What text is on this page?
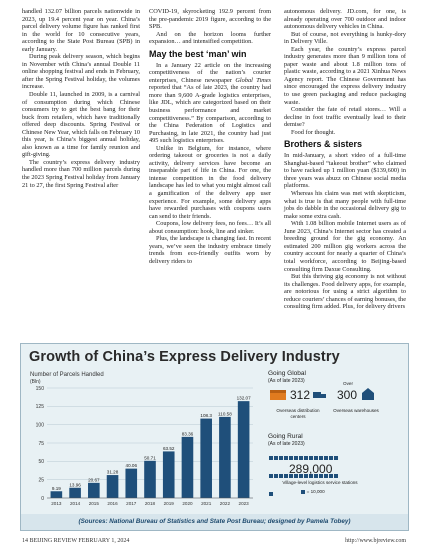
handled 132.07 billion parcels nationwide in 2023, up 19.4 percent year on year. China’s parcel delivery volume figure has ranked first in the world for 10 consecutive years, according to the State Post Bureau (SPB) in early January.

During peak delivery season, which begins in November with China’s annual Double 11 online shopping festival and ends in February, after the Spring Festival holiday, the volumes increase.

Double 11, launched in 2009, is a carnival of consumption during which Chinese consumers try to get the best bang for their buck from retailers, which have traditionally offered deep discounts. Spring Festival or Chinese New Year, which falls on February 10 this year, is China’s biggest annual holiday, also known as a time for family reunion and gift-giving.

The country’s express delivery industry handled more than 700 million parcels during the 2023 Spring Festival holiday from January 21 to 27, the first Spring Festival after

COVID-19, skyrocketing 192.9 percent from the pre-pandemic 2019 figure, according to the SPB.

And on the horizon looms further expansion… and intensified competition.

May the best ‘man’ win

In a January 22 article on the increasing competitiveness of the nation’s courier enterprises, Chinese newspaper Global Times reported that “As of late 2023, the country had more than 9,600 A-grade logistics enterprises, like JDL, which are categorized based on their business performance and market competitiveness.” By comparison, according to the China Federation of Logistics and Purchasing, in late 2021, the country had just 495 such logistics enterprises.

Unlike in Belgium, for instance, where ordering takeout or groceries is not a daily activity, delivery services have become an inseparable part of life in China. For one, the intense competition in the food delivery landscape has led to what you might almost call a gamification of the delivery app user experience. For example, some delivery apps have rewarded purchases with coupons users can send to their friends.

Coupons, low delivery fees, no fees… It’s all about consumption: hook, line and sinker.

Plus, the landscape is changing fast. In recent years, we’ve seen the industry embrace timely trends from eco-friendly outfits worn by delivery riders to

autonomous delivery. JD.com, for one, is already operating over 700 outdoor and indoor autonomous delivery vehicles in China.

But of course, not everything is hunky-dory in Delivery Ville.

Each year, the country’s express parcel industry generates more than 9 million tons of paper waste and about 1.8 million tons of plastic waste, according to a 2021 Xinhua News Agency report. The Chinese Government has since encouraged the express delivery industry to use green packaging and reduce packaging waste.

Consider the fate of retail stores… Will a decline in foot traffic eventually lead to their demise?

Food for thought.

Brothers & sisters

In mid-January, a short video of a full-time Shanghai-based “takeout brother” who claimed to have racked up 1 million yuan ($139,600) in three years was abuzz on Chinese social media platforms.

Whereas his claim was met with skepticism, what is true is that many people with full-time jobs do dabble in the occasional delivery gig to make some extra cash.

With 1.08 billion mobile Internet users as of June 2023, China’s Internet sector has created a breeding ground for the gig economy. An estimated 200 million gig workers across the country account for nearly a quarter of China’s total workforce, according to Beijing-based consulting firm Daxue Consulting.

But this thriving gig economy is not without its challenges. Food delivery apps, for example, are notorious for using a strict algorithm to reduce couriers’ chances of earning bonuses, the consulting firm added. Plus, for delivery drivers

Growth of China’s Express Delivery Industry
Number of Parcels Handled
(Bln)
0
25
50
75
100
125
150
9.19
2013
13.96
2014
20.67
2015
31.28
2016
40.06
2017
50.71
2018
63.52
2019
83.36
2020
108.3
2021
110.58
2022
132.07
2023
Going Global
(As of late 2023)
312
Over
300
Overseas distribution centers
Overseas warehouses
Going Rural
(As of late 2023)
289,000
Village-level logistics service stations
= 10,000
(Sources: National Bureau of Statistics and State Post Bureau; designed by Pamela Tobey)
14 BEIJING REVIEW FEBRUARY 1, 2024	http://www.bjreview.com
